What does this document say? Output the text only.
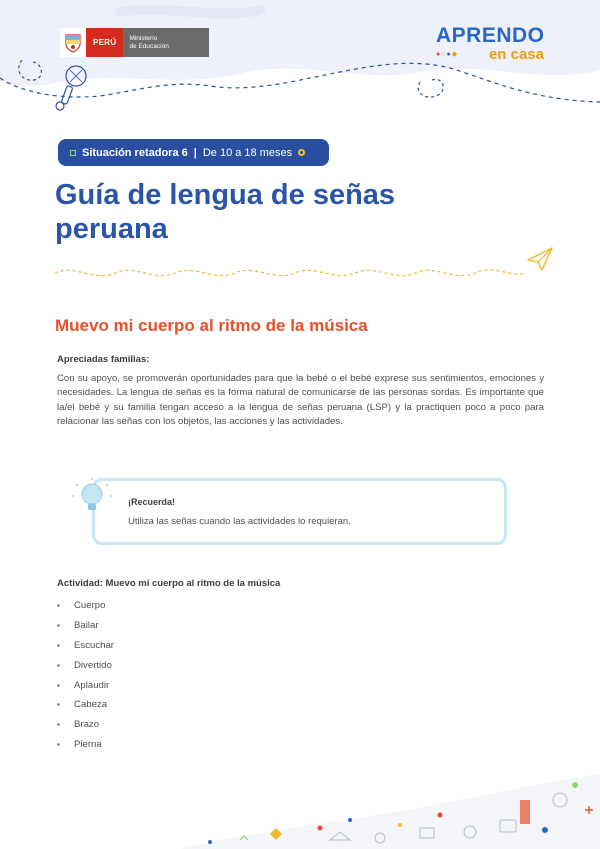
PERÚ	Ministerio
de Educación	APRENDO
●○●◆	en casa
Situación retadora 6 | De 10 a 18 meses
Guía de lengua de señas
peruana
Muevo mi cuerpo al ritmo de la música
Apreciadas familias:

Con su apoyo, se promoverán oportunidades para que la bebé o el bebé exprese sus sentimientos, emociones y necesidades. La lengua de señas es la forma natural de comunicarse de las personas sordas. Es importante que la/el bebé y su familia tengan acceso a la lengua de señas peruana (LSP) y la practiquen poco a poco para relacionar las señas con los objetos, las acciones y las actividades.

¡Recuerda!
Utiliza las señas cuando las actividades lo requieran.
Actividad: Muevo mi cuerpo al ritmo de la música
▪	Cuerpo
▪	Bailar
▪	Escuchar
▪	Divertido
▪	Aplaudir
▪	Cabeza
▪	Brazo
▪	Pierna
